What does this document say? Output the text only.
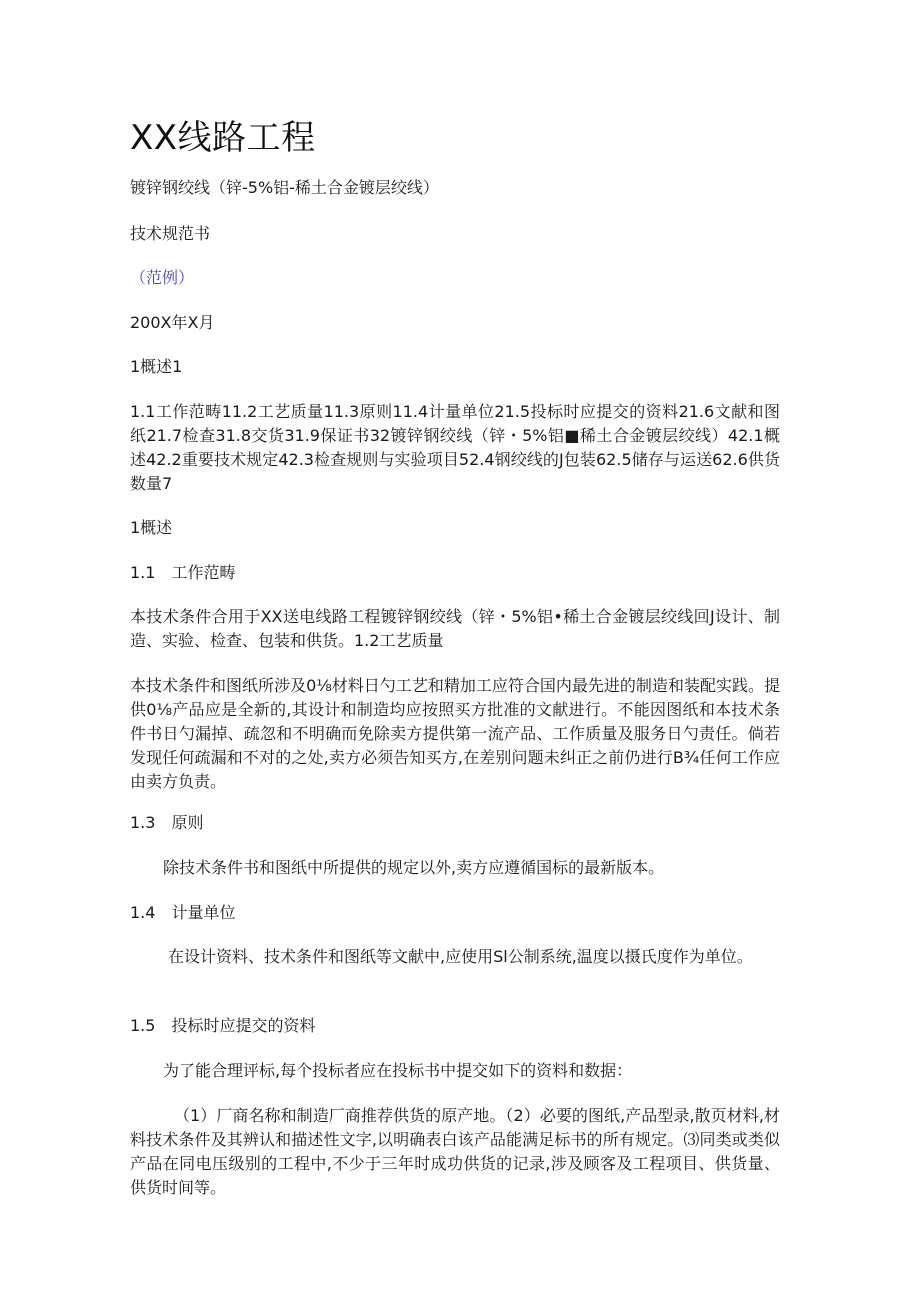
XX线路工程
镀锌钢绞线（锌-5%铝-稀土合金镀层绞线）
技术规范书
（范例）
200X年X月
1概述1
1.1工作范畴11.2工艺质量11.3原则11.4计量单位21.5投标时应提交的资料21.6文献和图纸21.7检查31.8交货31.9保证书32镀锌钢绞线（锌・5%铝■稀土合金镀层绞线）42.1概述42.2重要技术规定42.3检查规则与实验项目52.4钢绞线的J包装62.5储存与运送62.6供货数量7
1概述
1.1　工作范畴
本技术条件合用于XX送电线路工程镀锌钢绞线（锌・5%铝•稀土合金镀层绞线回J设计、制造、实验、检查、包装和供货。1.2工艺质量
本技术条件和图纸所涉及0⅛材料日勺工艺和精加工应符合国内最先进的制造和装配实践。提供0⅛产品应是全新的,其设计和制造均应按照买方批准的文献进行。不能因图纸和本技术条件书日勺漏掉、疏忽和不明确而免除卖方提供第一流产品、工作质量及服务日勺责任。倘若发现任何疏漏和不对的之处,卖方必须告知买方,在差别问题未纠正之前仍进行B¾任何工作应由卖方负责。
1.3　原则
除技术条件书和图纸中所提供的规定以外,卖方应遵循国标的最新版本。
1.4　计量单位
在设计资料、技术条件和图纸等文献中,应使用Sl公制系统,温度以摄氏度作为单位。
1.5　投标时应提交的资料
为了能合理评标,每个投标者应在投标书中提交如下的资料和数据：
（1）厂商名称和制造厂商推荐供货的原产地。（2）必要的图纸,产品型录,散页材料,材料技术条件及其辨认和描述性文字,以明确表白该产品能满足标书的所有规定。⑶同类或类似产品在同电压级别的工程中,不少于三年时成功供货的记录,涉及顾客及工程项目、供货量、供货时间等。
